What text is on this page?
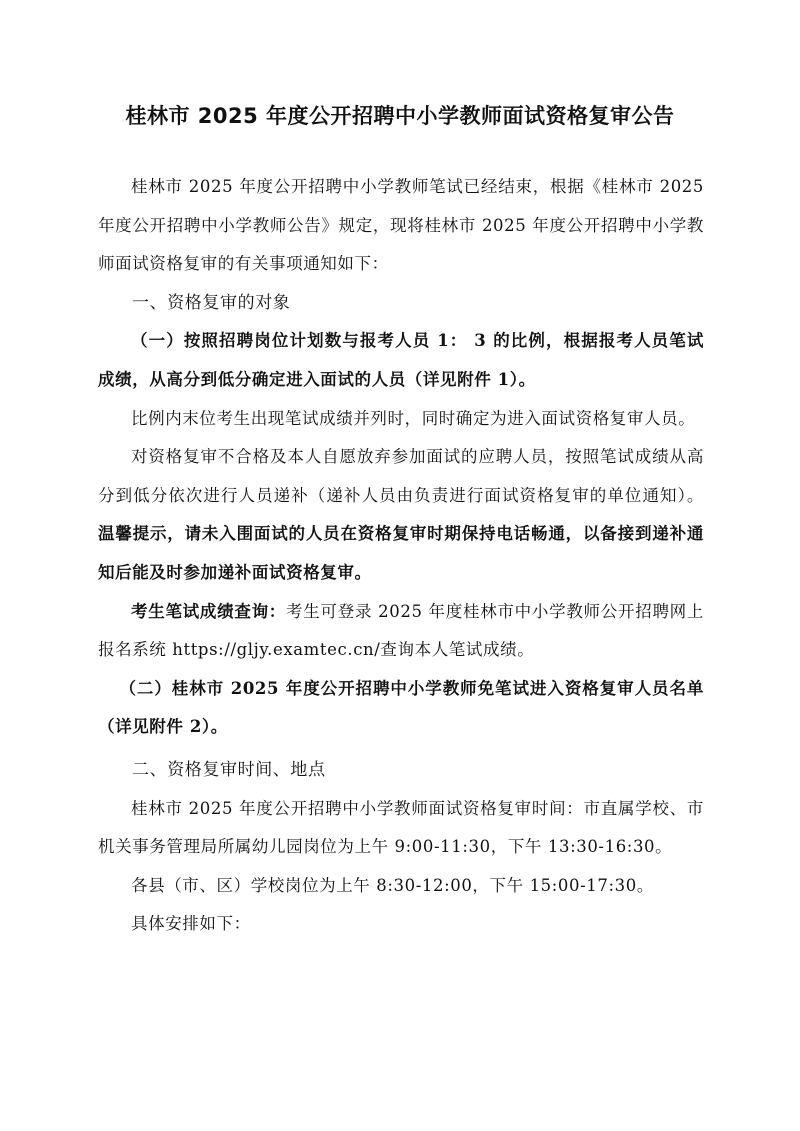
桂林市 2025 年度公开招聘中小学教师面试资格复审公告

桂林市 2025 年度公开招聘中小学教师笔试已经结束，根据《桂林市 2025 年度公开招聘中小学教师公告》规定，现将桂林市 2025 年度公开招聘中小学教师面试资格复审的有关事项通知如下：

一、资格复审的对象

（一）按照招聘岗位计划数与报考人员 1： 3 的比例，根据报考人员笔试成绩，从高分到低分确定进入面试的人员（详见附件 1）。

比例内末位考生出现笔试成绩并列时，同时确定为进入面试资格复审人员。

对资格复审不合格及本人自愿放弃参加面试的应聘人员，按照笔试成绩从高分到低分依次进行人员递补（递补人员由负责进行面试资格复审的单位通知）。温馨提示，请未入围面试的人员在资格复审时期保持电话畅通，以备接到递补通知后能及时参加递补面试资格复审。

考生笔试成绩查询：考生可登录 2025 年度桂林市中小学教师公开招聘网上报名系统 https://gljy.examtec.cn/查询本人笔试成绩。

（二）桂林市 2025 年度公开招聘中小学教师免笔试进入资格复审人员名单（详见附件 2）。

二、资格复审时间、地点

桂林市 2025 年度公开招聘中小学教师面试资格复审时间：市直属学校、市机关事务管理局所属幼儿园岗位为上午 9:00-11:30，下午 13:30-16:30。

各县（市、区）学校岗位为上午 8:30-12:00，下午 15:00-17:30。

具体安排如下：
